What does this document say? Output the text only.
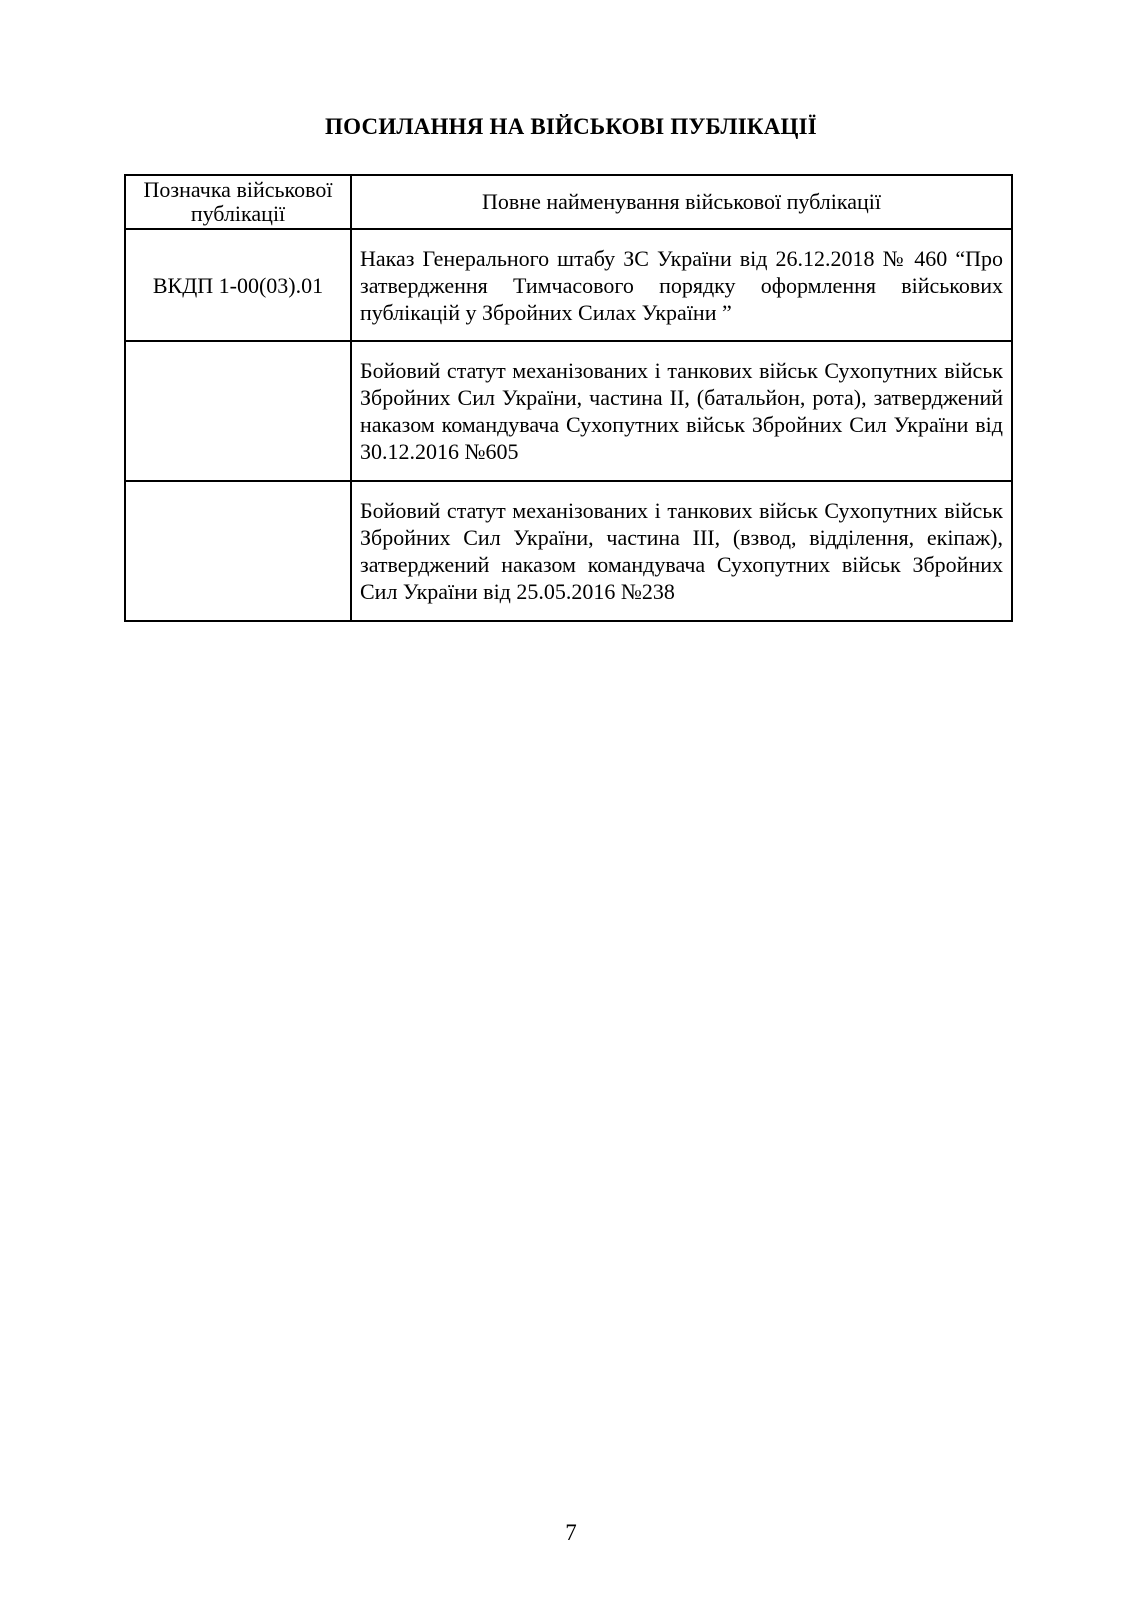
ПОСИЛАННЯ НА ВІЙСЬКОВІ ПУБЛІКАЦІЇ
Позначка військової публікації	Повне найменування військової публікації
ВКДП 1-00(03).01	Наказ Генерального штабу ЗС України від 26.12.2018 № 460 “Про затвердження Тимчасового порядку оформлення військових публікацій у Збройних Силах України ”
	Бойовий статут механізованих і танкових військ Сухопутних військ Збройних Сил України, частина II, (батальйон, рота), затверджений наказом командувача Сухопутних військ Збройних Сил України від 30.12.2016 №605
	Бойовий статут механізованих і танкових військ Сухопутних військ Збройних Сил України, частина III, (взвод, відділення, екіпаж), затверджений наказом командувача Сухопутних військ Збройних Сил України від 25.05.2016 №238
7
